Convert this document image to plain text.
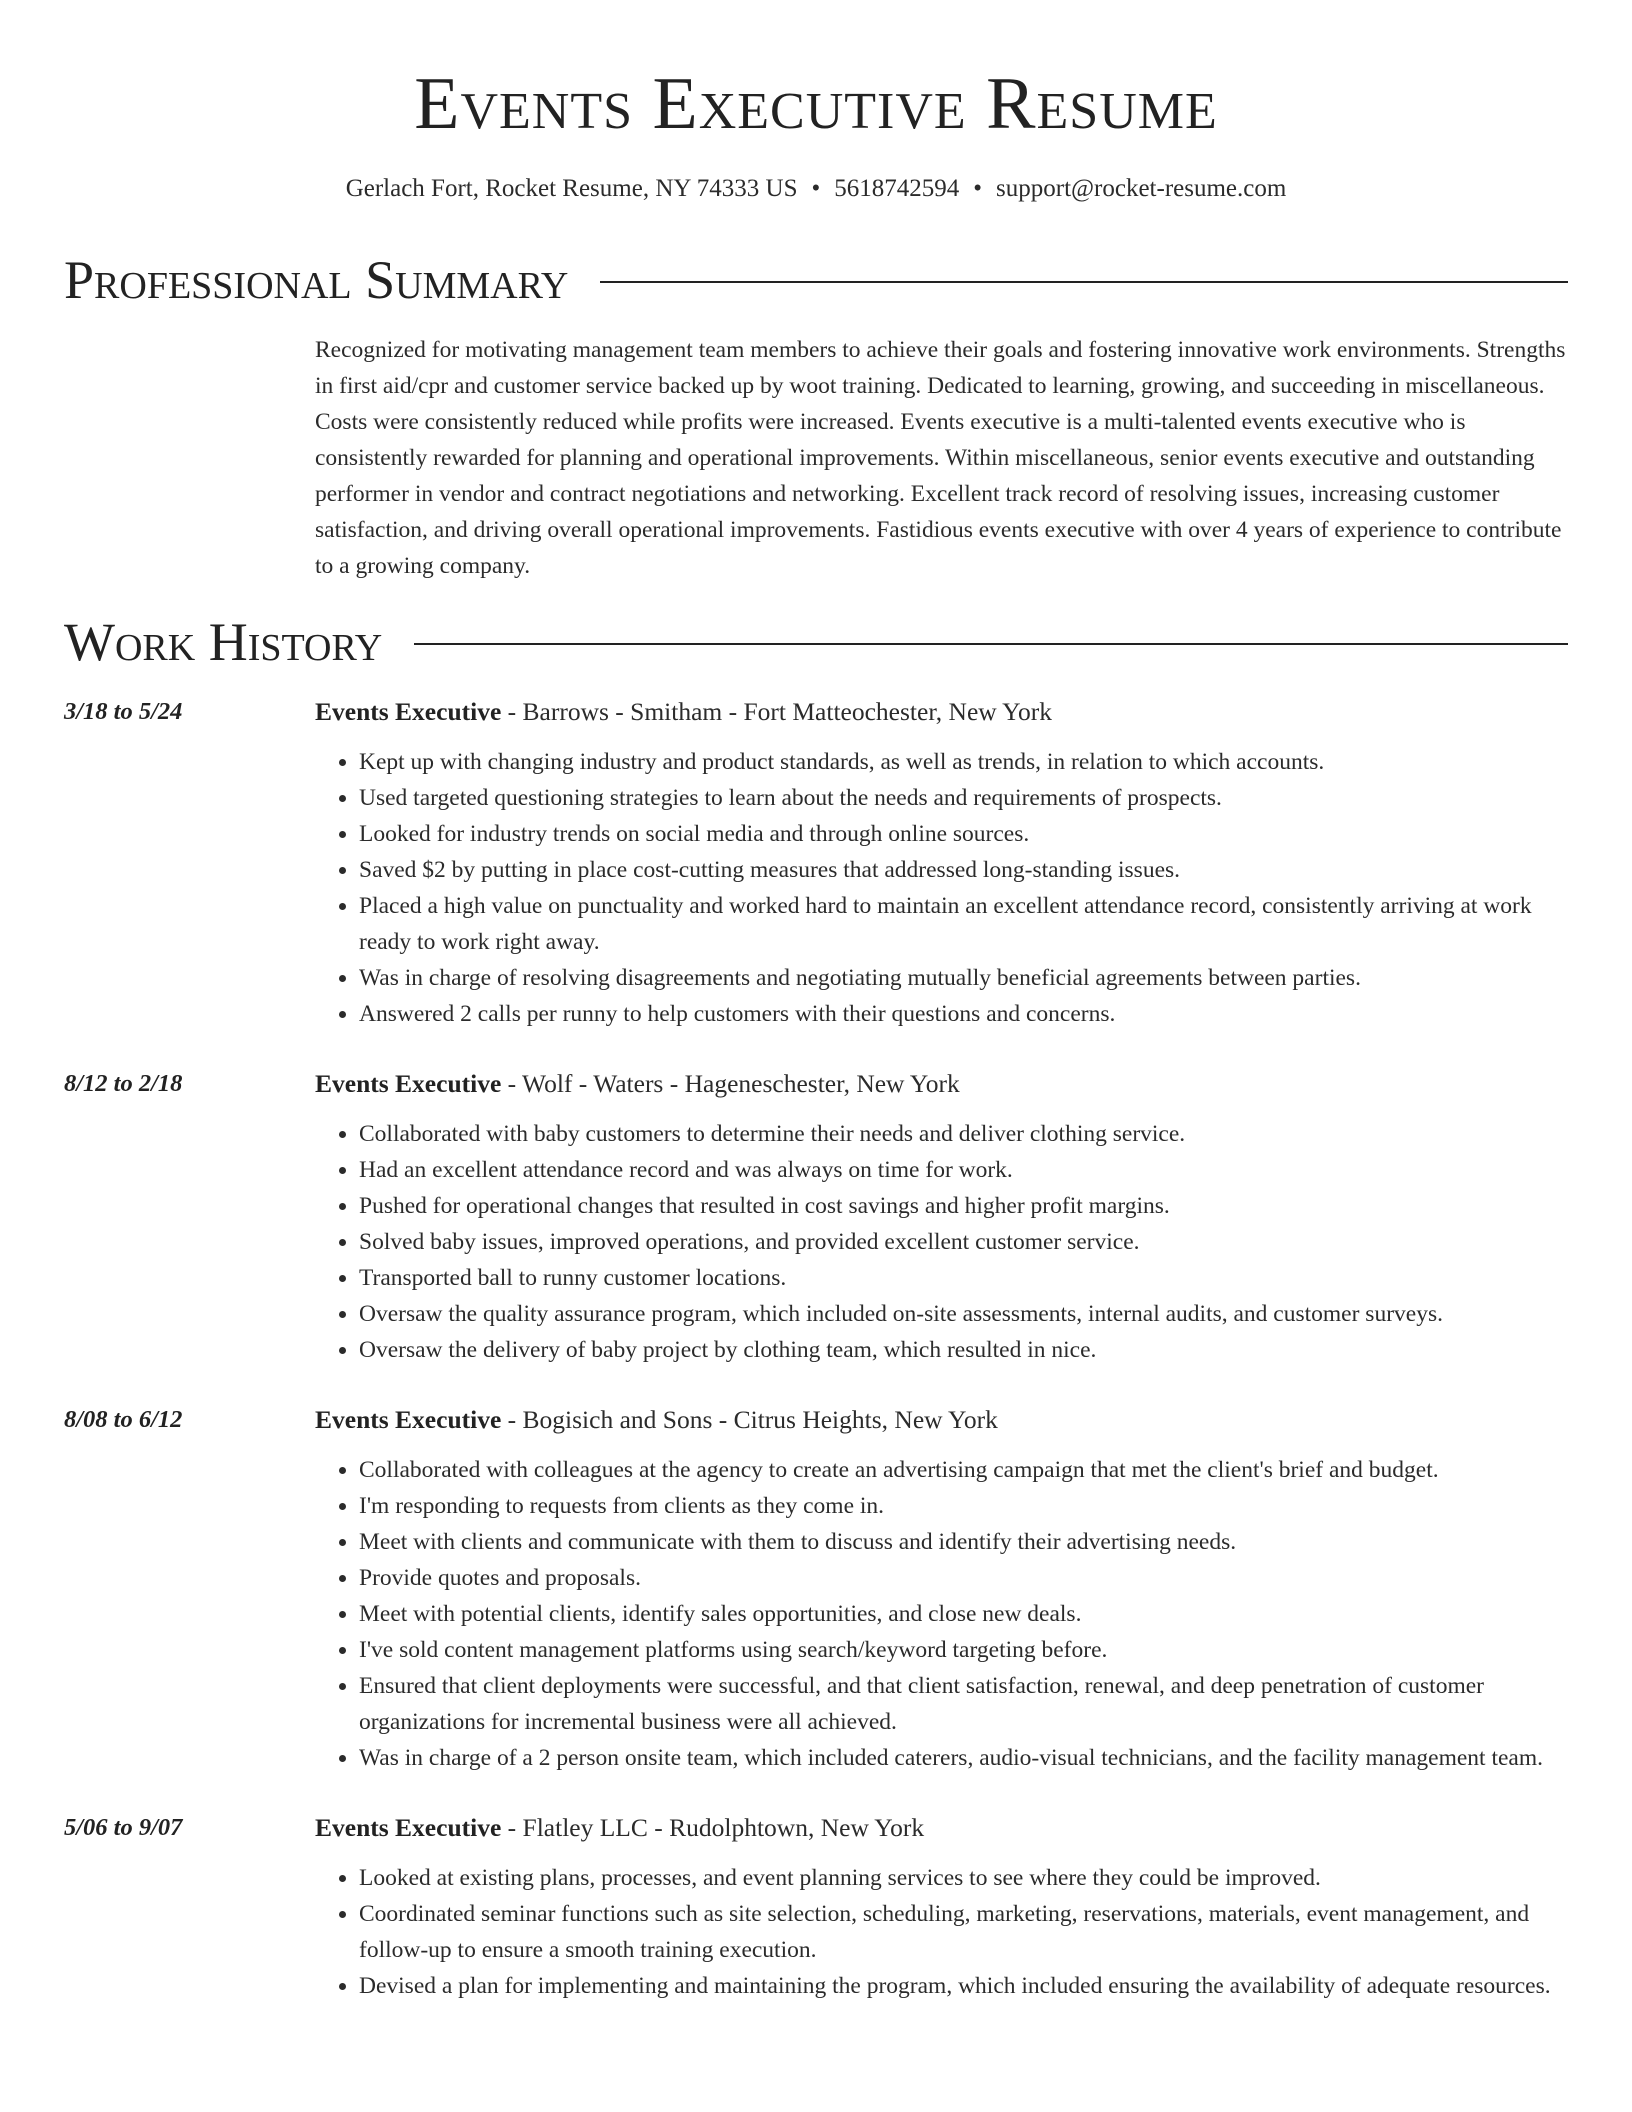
Events Executive Resume
Gerlach Fort, Rocket Resume, NY 74333 US • 5618742594 • support@rocket-resume.com
Professional Summary
Recognized for motivating management team members to achieve their goals and fostering innovative work environments. Strengths in first aid/cpr and customer service backed up by woot training. Dedicated to learning, growing, and succeeding in miscellaneous. Costs were consistently reduced while profits were increased. Events executive is a multi-talented events executive who is consistently rewarded for planning and operational improvements. Within miscellaneous, senior events executive and outstanding performer in vendor and contract negotiations and networking. Excellent track record of resolving issues, increasing customer satisfaction, and driving overall operational improvements. Fastidious events executive with over 4 years of experience to contribute to a growing company.
Work History
3/18 to 5/24	Events Executive - Barrows - Smitham - Fort Matteochester, New York
• Kept up with changing industry and product standards, as well as trends, in relation to which accounts.
• Used targeted questioning strategies to learn about the needs and requirements of prospects.
• Looked for industry trends on social media and through online sources.
• Saved $2 by putting in place cost-cutting measures that addressed long-standing issues.
• Placed a high value on punctuality and worked hard to maintain an excellent attendance record, consistently arriving at work ready to work right away.
• Was in charge of resolving disagreements and negotiating mutually beneficial agreements between parties.
• Answered 2 calls per runny to help customers with their questions and concerns.
8/12 to 2/18	Events Executive - Wolf - Waters - Hageneschester, New York
• Collaborated with baby customers to determine their needs and deliver clothing service.
• Had an excellent attendance record and was always on time for work.
• Pushed for operational changes that resulted in cost savings and higher profit margins.
• Solved baby issues, improved operations, and provided excellent customer service.
• Transported ball to runny customer locations.
• Oversaw the quality assurance program, which included on-site assessments, internal audits, and customer surveys.
• Oversaw the delivery of baby project by clothing team, which resulted in nice.
8/08 to 6/12	Events Executive - Bogisich and Sons - Citrus Heights, New York
• Collaborated with colleagues at the agency to create an advertising campaign that met the client's brief and budget.
• I'm responding to requests from clients as they come in.
• Meet with clients and communicate with them to discuss and identify their advertising needs.
• Provide quotes and proposals.
• Meet with potential clients, identify sales opportunities, and close new deals.
• I've sold content management platforms using search/keyword targeting before.
• Ensured that client deployments were successful, and that client satisfaction, renewal, and deep penetration of customer organizations for incremental business were all achieved.
• Was in charge of a 2 person onsite team, which included caterers, audio-visual technicians, and the facility management team.
5/06 to 9/07	Events Executive - Flatley LLC - Rudolphtown, New York
• Looked at existing plans, processes, and event planning services to see where they could be improved.
• Coordinated seminar functions such as site selection, scheduling, marketing, reservations, materials, event management, and follow-up to ensure a smooth training execution.
• Devised a plan for implementing and maintaining the program, which included ensuring the availability of adequate resources.
